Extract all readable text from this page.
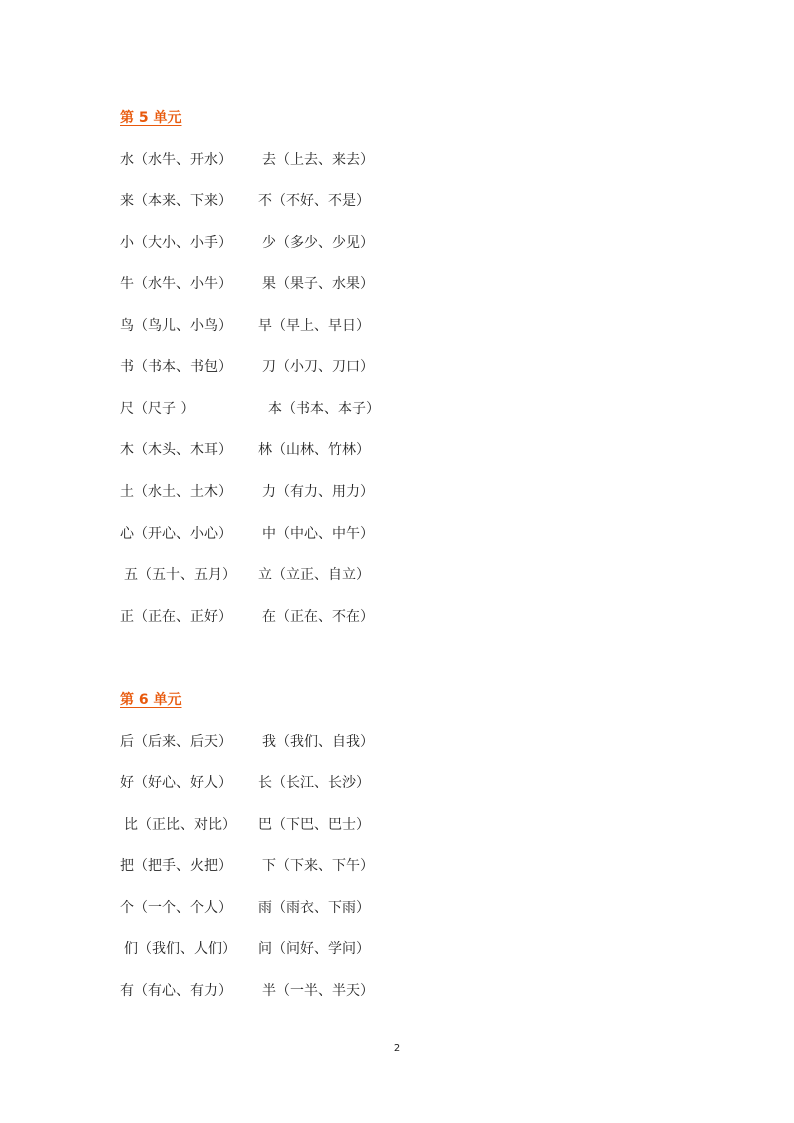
第 5 单元
水（水牛、开水） 去（上去、来去）
来（本来、下来） 不（不好、不是）
小（大小、小手） 少（多少、少见）
牛（水牛、小牛） 果（果子、水果）
鸟（鸟儿、小鸟） 早（早上、早日）
书（书本、书包） 刀（小刀、刀口）
尺（尺子 ）	本（书本、本子）
木（木头、木耳） 林（山林、竹林）
土（水土、土木） 力（有力、用力）
心（开心、小心） 中（中心、中午）
五（五十、五月） 立（立正、自立）
正（正在、正好） 在（正在、不在）
第 6 单元
后（后来、后天） 我（我们、自我）
好（好心、好人） 长（长江、长沙）
比（正比、对比） 巴（下巴、巴士）
把（把手、火把） 下（下来、下午）
个（一个、个人） 雨（雨衣、下雨）
们（我们、人们） 问（问好、学问）
有（有心、有力） 半（一半、半天）
2
